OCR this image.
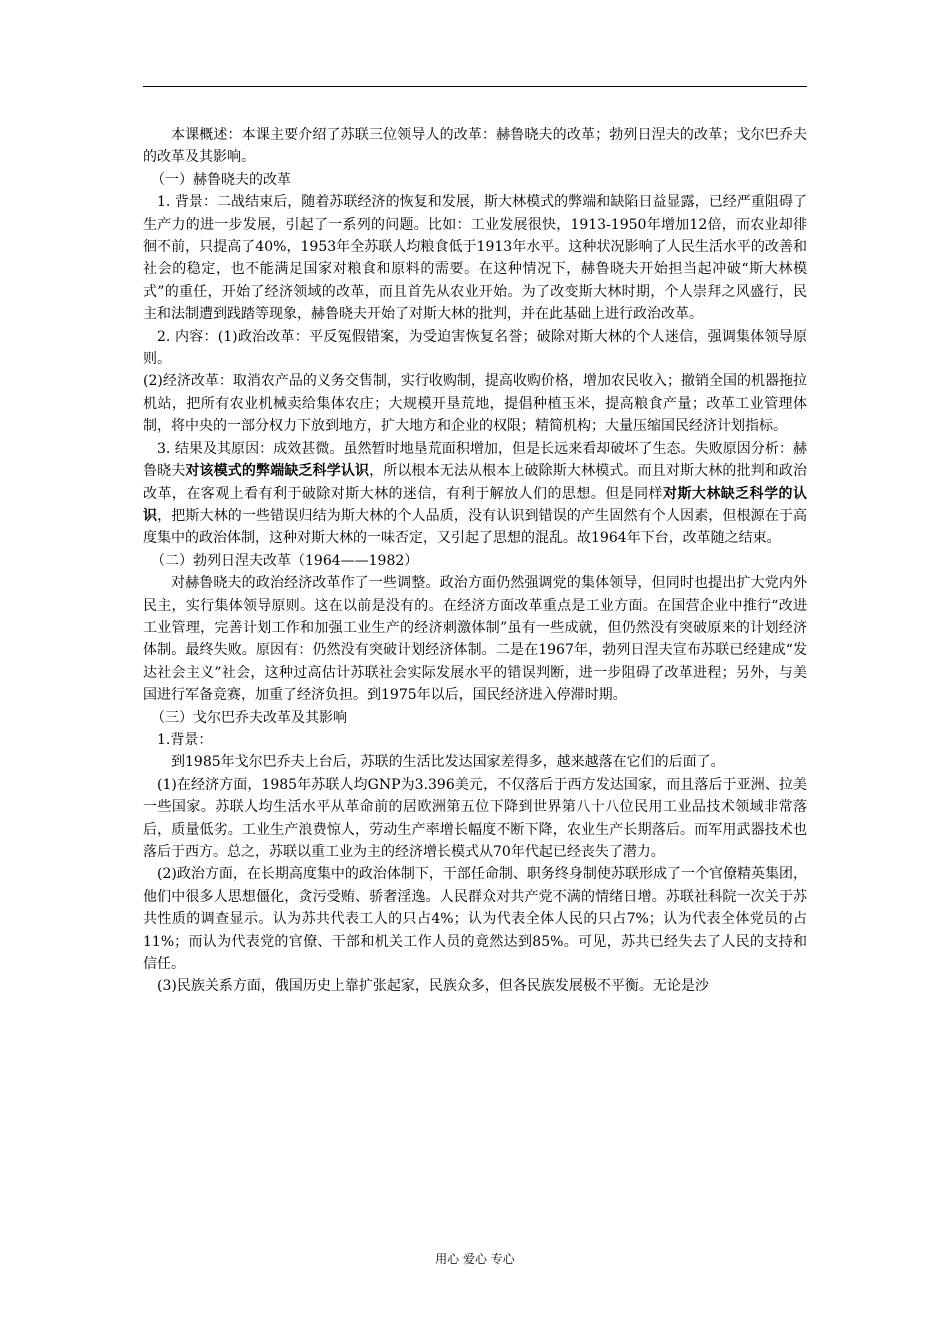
本课概述：本课主要介绍了苏联三位领导人的改革：赫鲁晓夫的改革；勃列日涅夫的改革；戈尔巴乔夫的改革及其影响。

（一）赫鲁晓夫的改革

1. 背景：二战结束后，随着苏联经济的恢复和发展，斯大林模式的弊端和缺陷日益显露，已经严重阻碍了生产力的进一步发展，引起了一系列的问题。比如：工业发展很快，1913-1950年增加12倍，而农业却徘徊不前，只提高了40%，1953年全苏联人均粮食低于1913年水平。这种状况影响了人民生活水平的改善和社会的稳定，也不能满足国家对粮食和原料的需要。在这种情况下，赫鲁晓夫开始担当起冲破“斯大林模式”的重任，开始了经济领域的改革，而且首先从农业开始。为了改变斯大林时期，个人崇拜之风盛行，民主和法制遭到践踏等现象，赫鲁晓夫开始了对斯大林的批判，并在此基础上进行政治改革。

2. 内容：(1)政治改革：平反冤假错案，为受迫害恢复名誉；破除对斯大林的个人迷信，强调集体领导原则。

(2)经济改革：取消农产品的义务交售制，实行收购制，提高收购价格，增加农民收入；撤销全国的机器拖拉机站，把所有农业机械卖给集体农庄；大规模开垦荒地，提倡种植玉米，提高粮食产量；改革工业管理体制，将中央的一部分权力下放到地方，扩大地方和企业的权限；精简机构；大量压缩国民经济计划指标。

3. 结果及其原因：成效甚微。虽然暂时地垦荒面积增加，但是长远来看却破坏了生态。失败原因分析：赫鲁晓夫对该模式的弊端缺乏科学认识，所以根本无法从根本上破除斯大林模式。而且对斯大林的批判和政治改革，在客观上看有利于破除对斯大林的迷信，有利于解放人们的思想。但是同样对斯大林缺乏科学的认识，把斯大林的一些错误归结为斯大林的个人品质，没有认识到错误的产生固然有个人因素，但根源在于高度集中的政治体制，这种对斯大林的一味否定，又引起了思想的混乱。故1964年下台，改革随之结束。

（二）勃列日涅夫改革（1964——1982）

对赫鲁晓夫的政治经济改革作了一些调整。政治方面仍然强调党的集体领导，但同时也提出扩大党内外民主，实行集体领导原则。这在以前是没有的。在经济方面改革重点是工业方面。在国营企业中推行“改进工业管理，完善计划工作和加强工业生产的经济刺激体制”虽有一些成就，但仍然没有突破原来的计划经济体制。最终失败。原因有：仍然没有突破计划经济体制。二是在1967年，勃列日涅夫宣布苏联已经建成“发达社会主义”社会，这种过高估计苏联社会实际发展水平的错误判断，进一步阻碍了改革进程；另外，与美国进行军备竞赛，加重了经济负担。到1975年以后，国民经济进入停滞时期。

（三）戈尔巴乔夫改革及其影响

1.背景：

到1985年戈尔巴乔夫上台后，苏联的生活比发达国家差得多，越来越落在它们的后面了。

(1)在经济方面，1985年苏联人均GNP为3.396美元，不仅落后于西方发达国家，而且落后于亚洲、拉美一些国家。苏联人均生活水平从革命前的居欧洲第五位下降到世界第八十八位民用工业品技术领域非常落后，质量低劣。工业生产浪费惊人，劳动生产率增长幅度不断下降，农业生产长期落后。而军用武器技术也落后于西方。总之，苏联以重工业为主的经济增长模式从70年代起已经丧失了潜力。

(2)政治方面，在长期高度集中的政治体制下，干部任命制、职务终身制使苏联形成了一个官僚精英集团，他们中很多人思想僵化，贪污受贿、骄奢淫逸。人民群众对共产党不满的情绪日增。苏联社科院一次关于苏共性质的调查显示。认为苏共代表工人的只占4%；认为代表全体人民的只占7%；认为代表全体党员的占11%；而认为代表党的官僚、干部和机关工作人员的竟然达到85%。可见，苏共已经失去了人民的支持和信任。

(3)民族关系方面，俄国历史上靠扩张起家，民族众多，但各民族发展极不平衡。无论是沙

用心 爱心 专心
